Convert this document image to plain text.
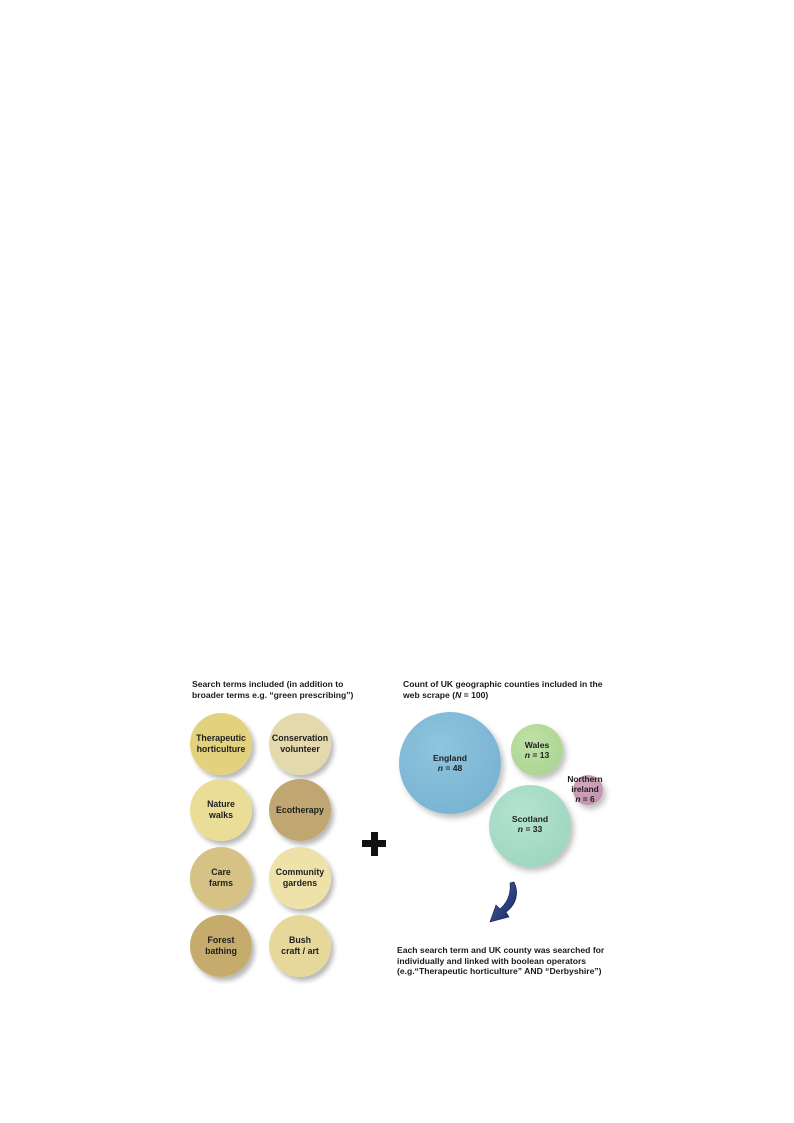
Search terms included (in addition to
broader terms e.g. “green prescribing”)
Therapeutic
horticulture
Conservation
volunteer
Nature
walks
Ecotherapy
Care
farms
Community
gardens
Forest
bathing
Bush
craft / art
Count of UK geographic counties included in the
web scrape (N = 100)
England
n = 48
Wales
n = 13
Northern
ireland
n = 6
Scotland
n = 33
Each search term and UK county was searched for
individually and linked with boolean operators
(e.g.“Therapeutic horticulture” AND “Derbyshire”)
